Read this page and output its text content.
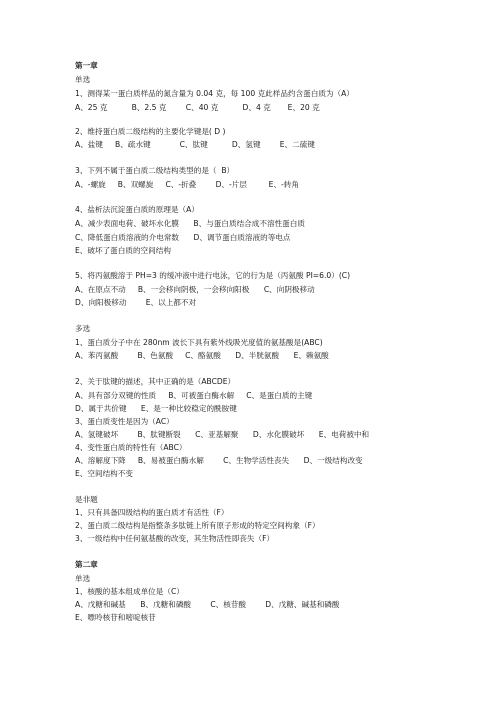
第一章
单选
1、测得某一蛋白质样品的氮含量为 0.04 克，每 100 克此样品约含蛋白质为（A）
A、25 克          B、2.5 克        C、40 克          D、4 克       E、20 克
2、维持蛋白质二级结构的主要化学键是( D )
A、盐键     B、疏水键            C、肽键          D、氢键        E、二硫键
3、下列不属于蛋白质二级结构类型的是（  B）
A、-螺旋     B、双螺旋     C、-折叠        D、-片层         E、-转角
4、盐析法沉淀蛋白质的原理是（A）
A、减少表面电荷、破坏水化膜      B、与蛋白质结合成不溶性蛋白质
C、降低蛋白质溶液的介电常数      D、调节蛋白质溶液的等电点
E、破坏了蛋白质的空间结构
5、将丙氨酸溶于 PH=3 的缓冲液中进行电泳，它的行为是（丙氨酸 PI=6.0）(C)
A、在原点不动     B、一会移向阴极，一会移向阳极      C、向阴极移动
D、向阳极移动        E、以上都不对
多选
1、蛋白质分子中在 280nm 波长下具有紫外线吸光度值的氨基酸是(ABC)
A、苯丙氨酸        B、色氨酸     C、酪氨酸      D、半胱氨酸      E、赖氨酸
2、关于肽键的描述，其中正确的是（ABCDE）
A、具有部分双键的性质     B、可被蛋白酶水解     C、是蛋白质的主键
D、属于共价键      E、是一种比较稳定的酰胺键
3、蛋白质变性是因为（AC）
A、氢键破坏        B、肽键断裂      C、亚基解聚      D、水化膜破坏      E、电荷被中和
4、变性蛋白质的特性有（ABC）
A、溶解度下降     B、易被蛋白酶水解        C、生物学活性丧失      D、一级结构改变
E、空间结构不变
是非题
1、只有具备四级结构的蛋白质才有活性（F）
2、蛋白质二级结构是指整条多肽链上所有原子形成的特定空间构象（F）
3、一级结构中任何氨基酸的改变，其生物活性即丧失（F）
第二章
单选
1、核酸的基本组成单位是（C）
A、戊糖和碱基      B、戊糖和磷酸        C、核苷酸        D、戊糖、碱基和磷酸
E、嘌呤核苷和嘧啶核苷
